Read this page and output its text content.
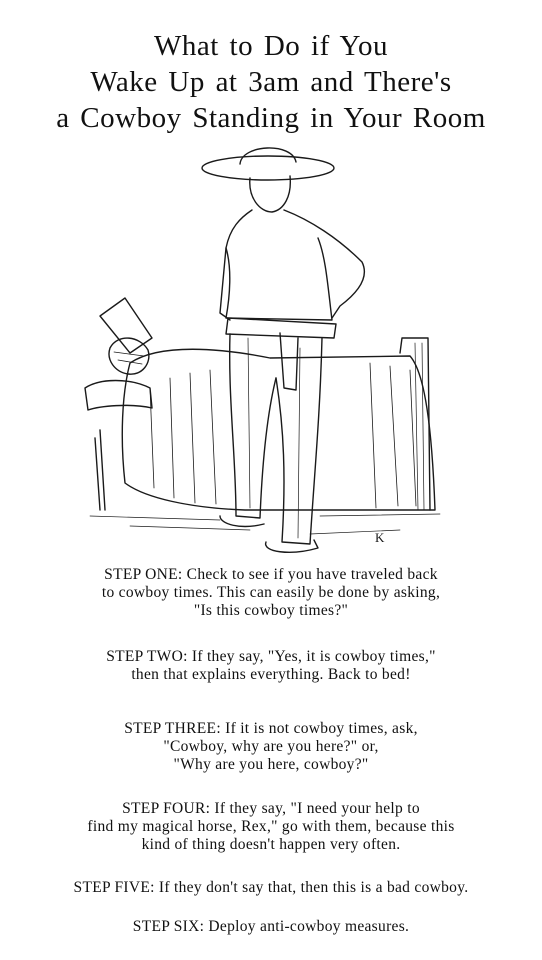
What to Do if You
Wake Up at 3am and There's
a Cowboy Standing in Your Room
K
STEP ONE: Check to see if you have traveled back
to cowboy times. This can easily be done by asking,
"Is this cowboy times?"
STEP TWO: If they say, "Yes, it is cowboy times,"
then that explains everything. Back to bed!
STEP THREE: If it is not cowboy times, ask,
"Cowboy, why are you here?" or,
"Why are you here, cowboy?"
STEP FOUR: If they say, "I need your help to
find my magical horse, Rex," go with them, because this
kind of thing doesn't happen very often.
STEP FIVE: If they don't say that, then this is a bad cowboy.
STEP SIX: Deploy anti-cowboy measures.
